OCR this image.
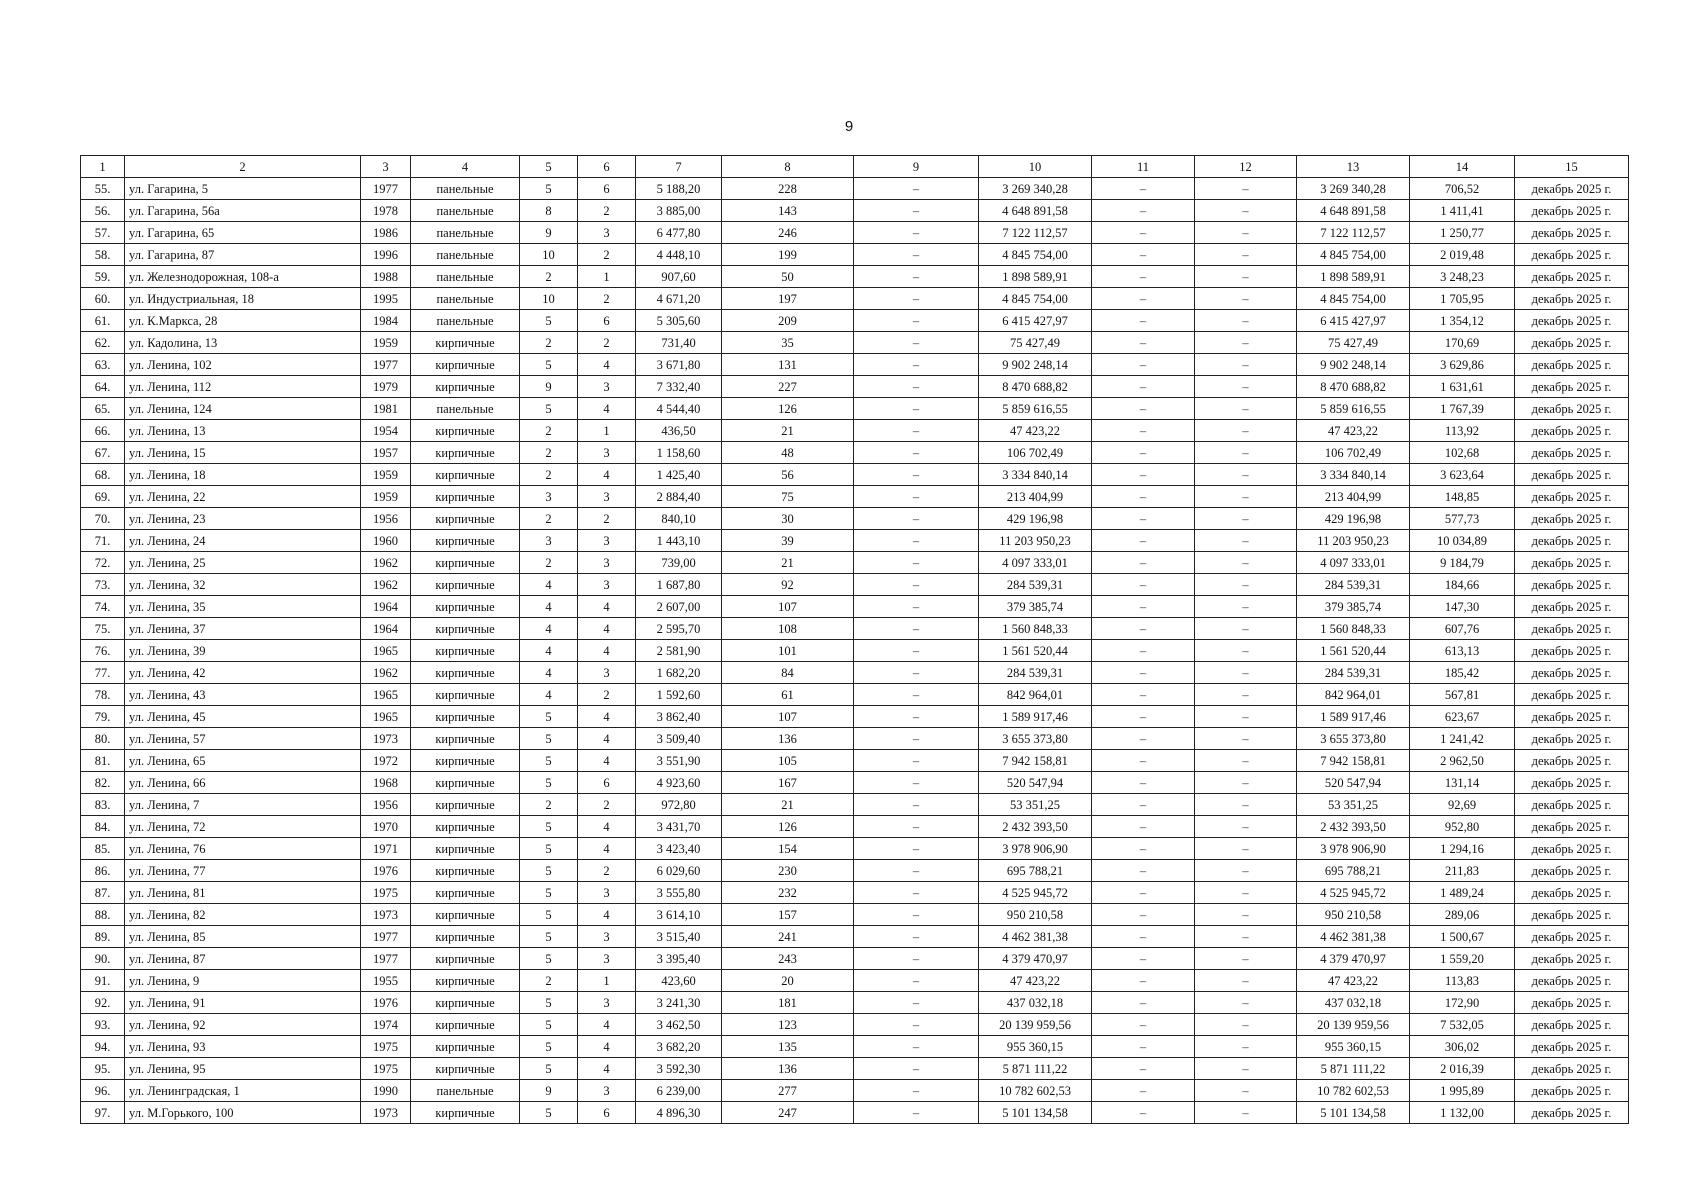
9
1	2	3	4	5	6	7	8	9	10	11	12	13	14	15
55.	ул. Гагарина, 5	1977	панельные	5	6	5 188,20	228	–	3 269 340,28	–	–	3 269 340,28	706,52	декабрь 2025 г.
56.	ул. Гагарина, 56а	1978	панельные	8	2	3 885,00	143	–	4 648 891,58	–	–	4 648 891,58	1 411,41	декабрь 2025 г.
57.	ул. Гагарина, 65	1986	панельные	9	3	6 477,80	246	–	7 122 112,57	–	–	7 122 112,57	1 250,77	декабрь 2025 г.
58.	ул. Гагарина, 87	1996	панельные	10	2	4 448,10	199	–	4 845 754,00	–	–	4 845 754,00	2 019,48	декабрь 2025 г.
59.	ул. Железнодорожная, 108-а	1988	панельные	2	1	907,60	50	–	1 898 589,91	–	–	1 898 589,91	3 248,23	декабрь 2025 г.
60.	ул. Индустриальная, 18	1995	панельные	10	2	4 671,20	197	–	4 845 754,00	–	–	4 845 754,00	1 705,95	декабрь 2025 г.
61.	ул. К.Маркса, 28	1984	панельные	5	6	5 305,60	209	–	6 415 427,97	–	–	6 415 427,97	1 354,12	декабрь 2025 г.
62.	ул. Кадолина, 13	1959	кирпичные	2	2	731,40	35	–	75 427,49	–	–	75 427,49	170,69	декабрь 2025 г.
63.	ул. Ленина, 102	1977	кирпичные	5	4	3 671,80	131	–	9 902 248,14	–	–	9 902 248,14	3 629,86	декабрь 2025 г.
64.	ул. Ленина, 112	1979	кирпичные	9	3	7 332,40	227	–	8 470 688,82	–	–	8 470 688,82	1 631,61	декабрь 2025 г.
65.	ул. Ленина, 124	1981	панельные	5	4	4 544,40	126	–	5 859 616,55	–	–	5 859 616,55	1 767,39	декабрь 2025 г.
66.	ул. Ленина, 13	1954	кирпичные	2	1	436,50	21	–	47 423,22	–	–	47 423,22	113,92	декабрь 2025 г.
67.	ул. Ленина, 15	1957	кирпичные	2	3	1 158,60	48	–	106 702,49	–	–	106 702,49	102,68	декабрь 2025 г.
68.	ул. Ленина, 18	1959	кирпичные	2	4	1 425,40	56	–	3 334 840,14	–	–	3 334 840,14	3 623,64	декабрь 2025 г.
69.	ул. Ленина, 22	1959	кирпичные	3	3	2 884,40	75	–	213 404,99	–	–	213 404,99	148,85	декабрь 2025 г.
70.	ул. Ленина, 23	1956	кирпичные	2	2	840,10	30	–	429 196,98	–	–	429 196,98	577,73	декабрь 2025 г.
71.	ул. Ленина, 24	1960	кирпичные	3	3	1 443,10	39	–	11 203 950,23	–	–	11 203 950,23	10 034,89	декабрь 2025 г.
72.	ул. Ленина, 25	1962	кирпичные	2	3	739,00	21	–	4 097 333,01	–	–	4 097 333,01	9 184,79	декабрь 2025 г.
73.	ул. Ленина, 32	1962	кирпичные	4	3	1 687,80	92	–	284 539,31	–	–	284 539,31	184,66	декабрь 2025 г.
74.	ул. Ленина, 35	1964	кирпичные	4	4	2 607,00	107	–	379 385,74	–	–	379 385,74	147,30	декабрь 2025 г.
75.	ул. Ленина, 37	1964	кирпичные	4	4	2 595,70	108	–	1 560 848,33	–	–	1 560 848,33	607,76	декабрь 2025 г.
76.	ул. Ленина, 39	1965	кирпичные	4	4	2 581,90	101	–	1 561 520,44	–	–	1 561 520,44	613,13	декабрь 2025 г.
77.	ул. Ленина, 42	1962	кирпичные	4	3	1 682,20	84	–	284 539,31	–	–	284 539,31	185,42	декабрь 2025 г.
78.	ул. Ленина, 43	1965	кирпичные	4	2	1 592,60	61	–	842 964,01	–	–	842 964,01	567,81	декабрь 2025 г.
79.	ул. Ленина, 45	1965	кирпичные	5	4	3 862,40	107	–	1 589 917,46	–	–	1 589 917,46	623,67	декабрь 2025 г.
80.	ул. Ленина, 57	1973	кирпичные	5	4	3 509,40	136	–	3 655 373,80	–	–	3 655 373,80	1 241,42	декабрь 2025 г.
81.	ул. Ленина, 65	1972	кирпичные	5	4	3 551,90	105	–	7 942 158,81	–	–	7 942 158,81	2 962,50	декабрь 2025 г.
82.	ул. Ленина, 66	1968	кирпичные	5	6	4 923,60	167	–	520 547,94	–	–	520 547,94	131,14	декабрь 2025 г.
83.	ул. Ленина, 7	1956	кирпичные	2	2	972,80	21	–	53 351,25	–	–	53 351,25	92,69	декабрь 2025 г.
84.	ул. Ленина, 72	1970	кирпичные	5	4	3 431,70	126	–	2 432 393,50	–	–	2 432 393,50	952,80	декабрь 2025 г.
85.	ул. Ленина, 76	1971	кирпичные	5	4	3 423,40	154	–	3 978 906,90	–	–	3 978 906,90	1 294,16	декабрь 2025 г.
86.	ул. Ленина, 77	1976	кирпичные	5	2	6 029,60	230	–	695 788,21	–	–	695 788,21	211,83	декабрь 2025 г.
87.	ул. Ленина, 81	1975	кирпичные	5	3	3 555,80	232	–	4 525 945,72	–	–	4 525 945,72	1 489,24	декабрь 2025 г.
88.	ул. Ленина, 82	1973	кирпичные	5	4	3 614,10	157	–	950 210,58	–	–	950 210,58	289,06	декабрь 2025 г.
89.	ул. Ленина, 85	1977	кирпичные	5	3	3 515,40	241	–	4 462 381,38	–	–	4 462 381,38	1 500,67	декабрь 2025 г.
90.	ул. Ленина, 87	1977	кирпичные	5	3	3 395,40	243	–	4 379 470,97	–	–	4 379 470,97	1 559,20	декабрь 2025 г.
91.	ул. Ленина, 9	1955	кирпичные	2	1	423,60	20	–	47 423,22	–	–	47 423,22	113,83	декабрь 2025 г.
92.	ул. Ленина, 91	1976	кирпичные	5	3	3 241,30	181	–	437 032,18	–	–	437 032,18	172,90	декабрь 2025 г.
93.	ул. Ленина, 92	1974	кирпичные	5	4	3 462,50	123	–	20 139 959,56	–	–	20 139 959,56	7 532,05	декабрь 2025 г.
94.	ул. Ленина, 93	1975	кирпичные	5	4	3 682,20	135	–	955 360,15	–	–	955 360,15	306,02	декабрь 2025 г.
95.	ул. Ленина, 95	1975	кирпичные	5	4	3 592,30	136	–	5 871 111,22	–	–	5 871 111,22	2 016,39	декабрь 2025 г.
96.	ул. Ленинградская, 1	1990	панельные	9	3	6 239,00	277	–	10 782 602,53	–	–	10 782 602,53	1 995,89	декабрь 2025 г.
97.	ул. М.Горького, 100	1973	кирпичные	5	6	4 896,30	247	–	5 101 134,58	–	–	5 101 134,58	1 132,00	декабрь 2025 г.
